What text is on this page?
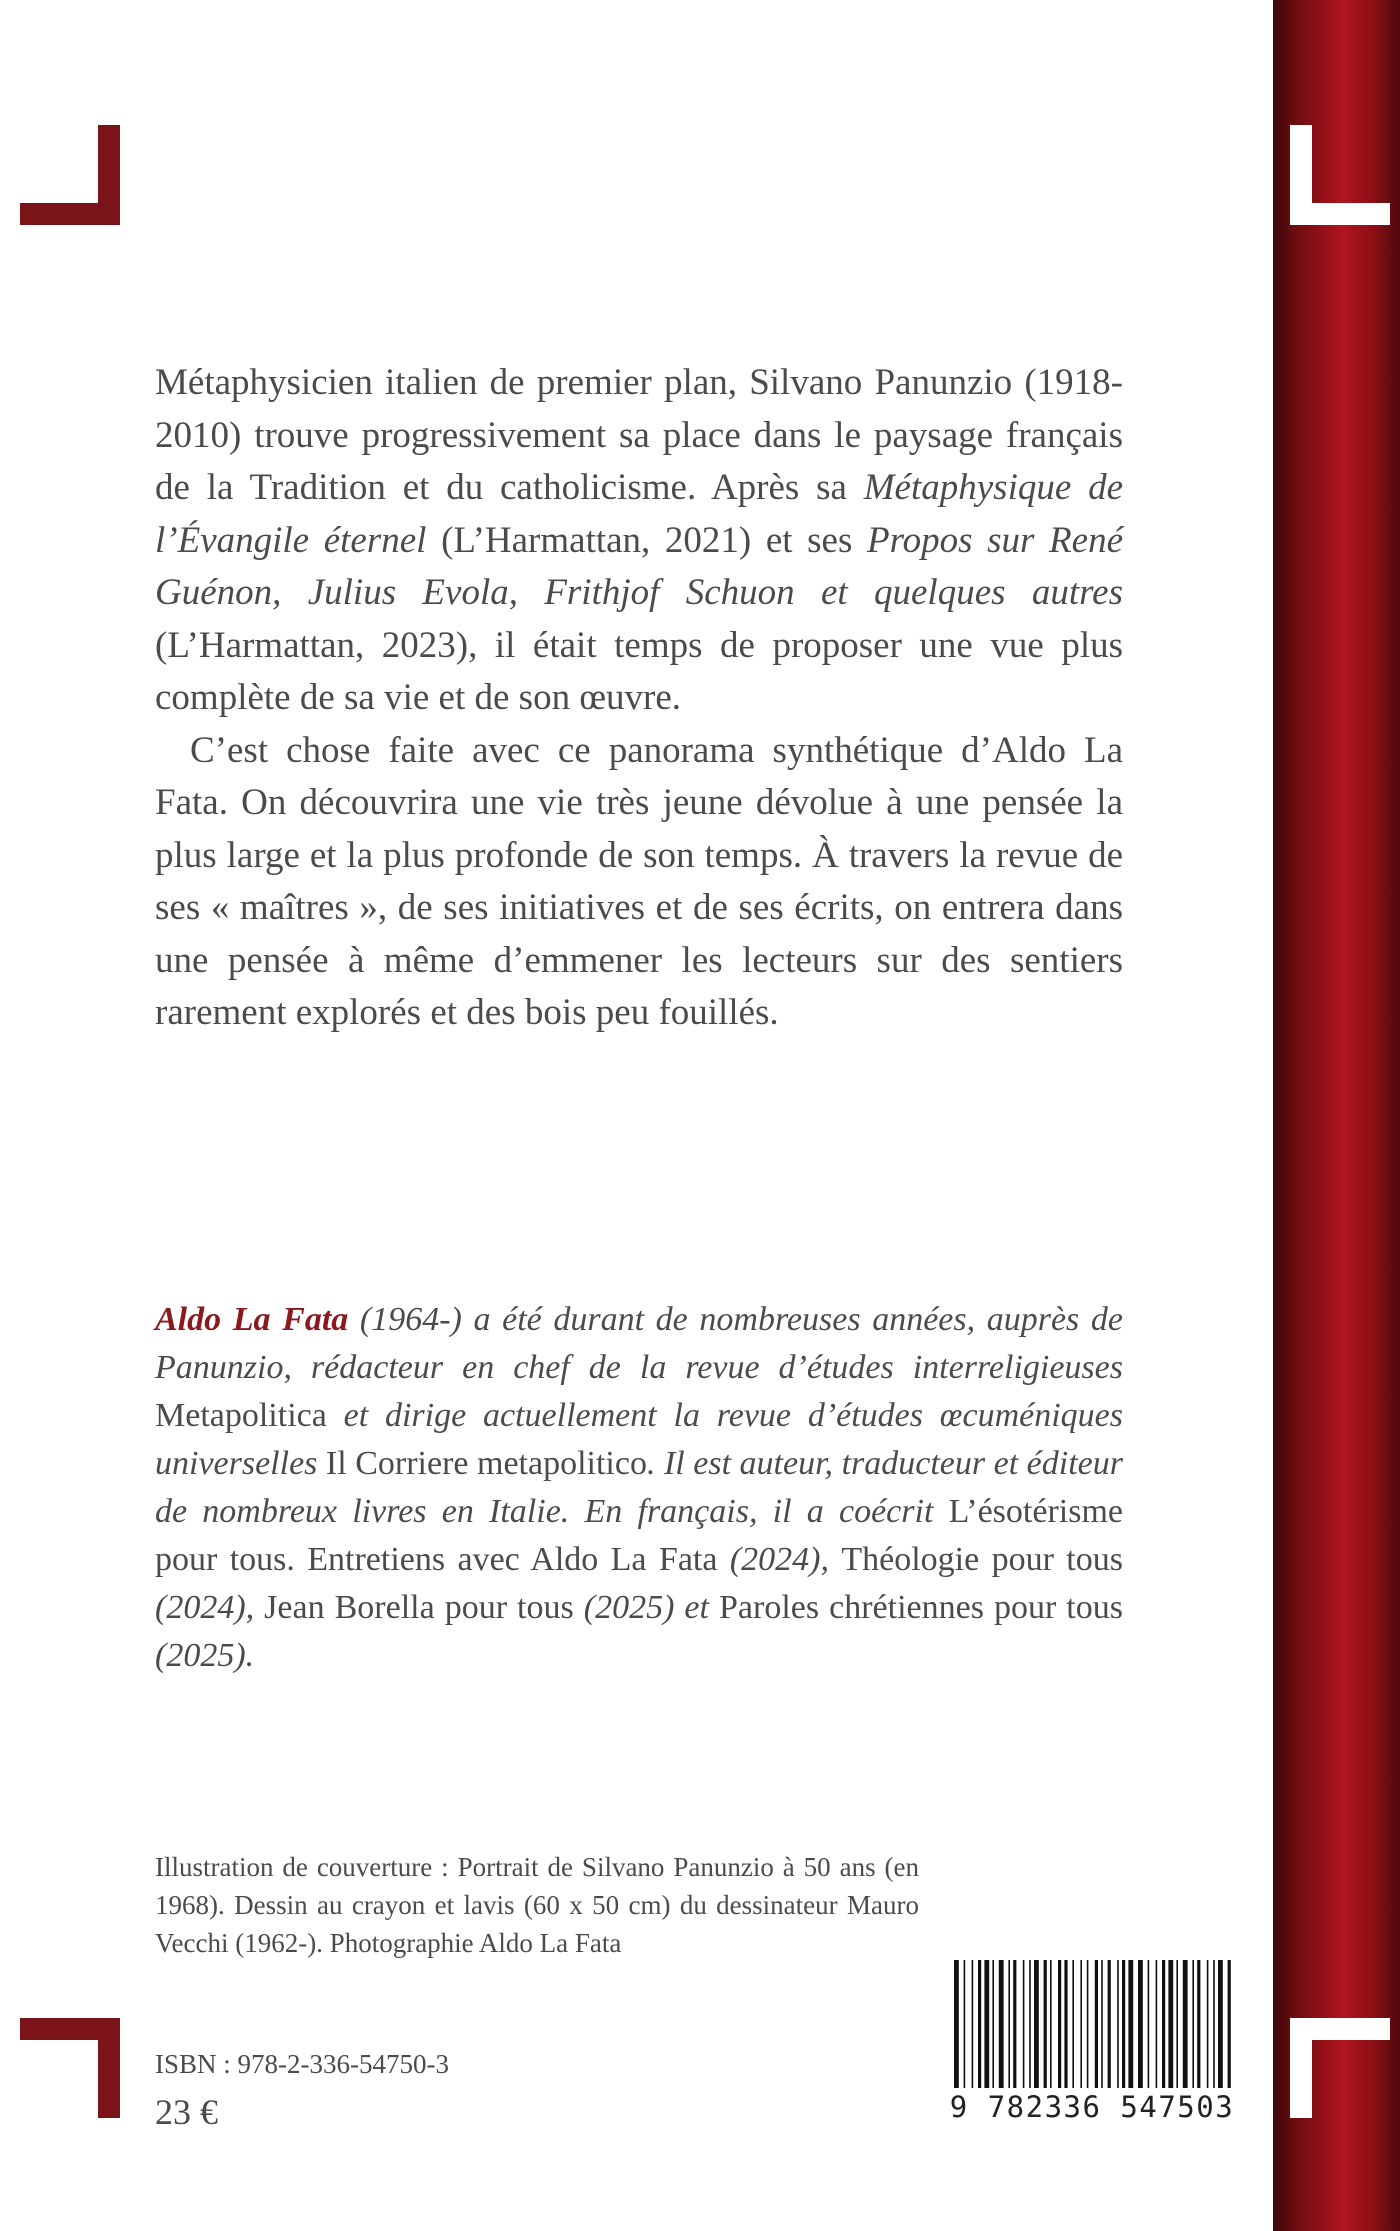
Métaphysicien italien de premier plan, Silvano Panunzio (1918-2010) trouve progressivement sa place dans le paysage français de la Tradition et du catholicisme. Après sa Métaphysique de l’Évangile éternel (L’Harmattan, 2021) et ses Propos sur René Guénon, Julius Evola, Frithjof Schuon et quelques autres (L’Harmattan, 2023), il était temps de proposer une vue plus complète de sa vie et de son œuvre.

C’est chose faite avec ce panorama synthétique d’Aldo La Fata. On découvrira une vie très jeune dévolue à une pensée la plus large et la plus profonde de son temps. À travers la revue de ses « maîtres », de ses initiatives et de ses écrits, on entrera dans une pensée à même d’emmener les lecteurs sur des sentiers rarement explorés et des bois peu fouillés.

Aldo La Fata (1964-) a été durant de nombreuses années, auprès de Panunzio, rédacteur en chef de la revue d’études interreligieuses Metapolitica et dirige actuellement la revue d’études œcuméniques universelles Il Corriere metapolitico. Il est auteur, traducteur et éditeur de nombreux livres en Italie. En français, il a coécrit L’ésotérisme pour tous. Entretiens avec Aldo La Fata (2024), Théologie pour tous (2024), Jean Borella pour tous (2025) et Paroles chrétiennes pour tous (2025).
Illustration de couverture : Portrait de Silvano Panunzio à 50 ans (en 1968). Dessin au crayon et lavis (60 x 50 cm) du dessinateur Mauro Vecchi (1962-). Photographie Aldo La Fata
ISBN : 978-2-336-54750-3
23 €	9 782336 547503
